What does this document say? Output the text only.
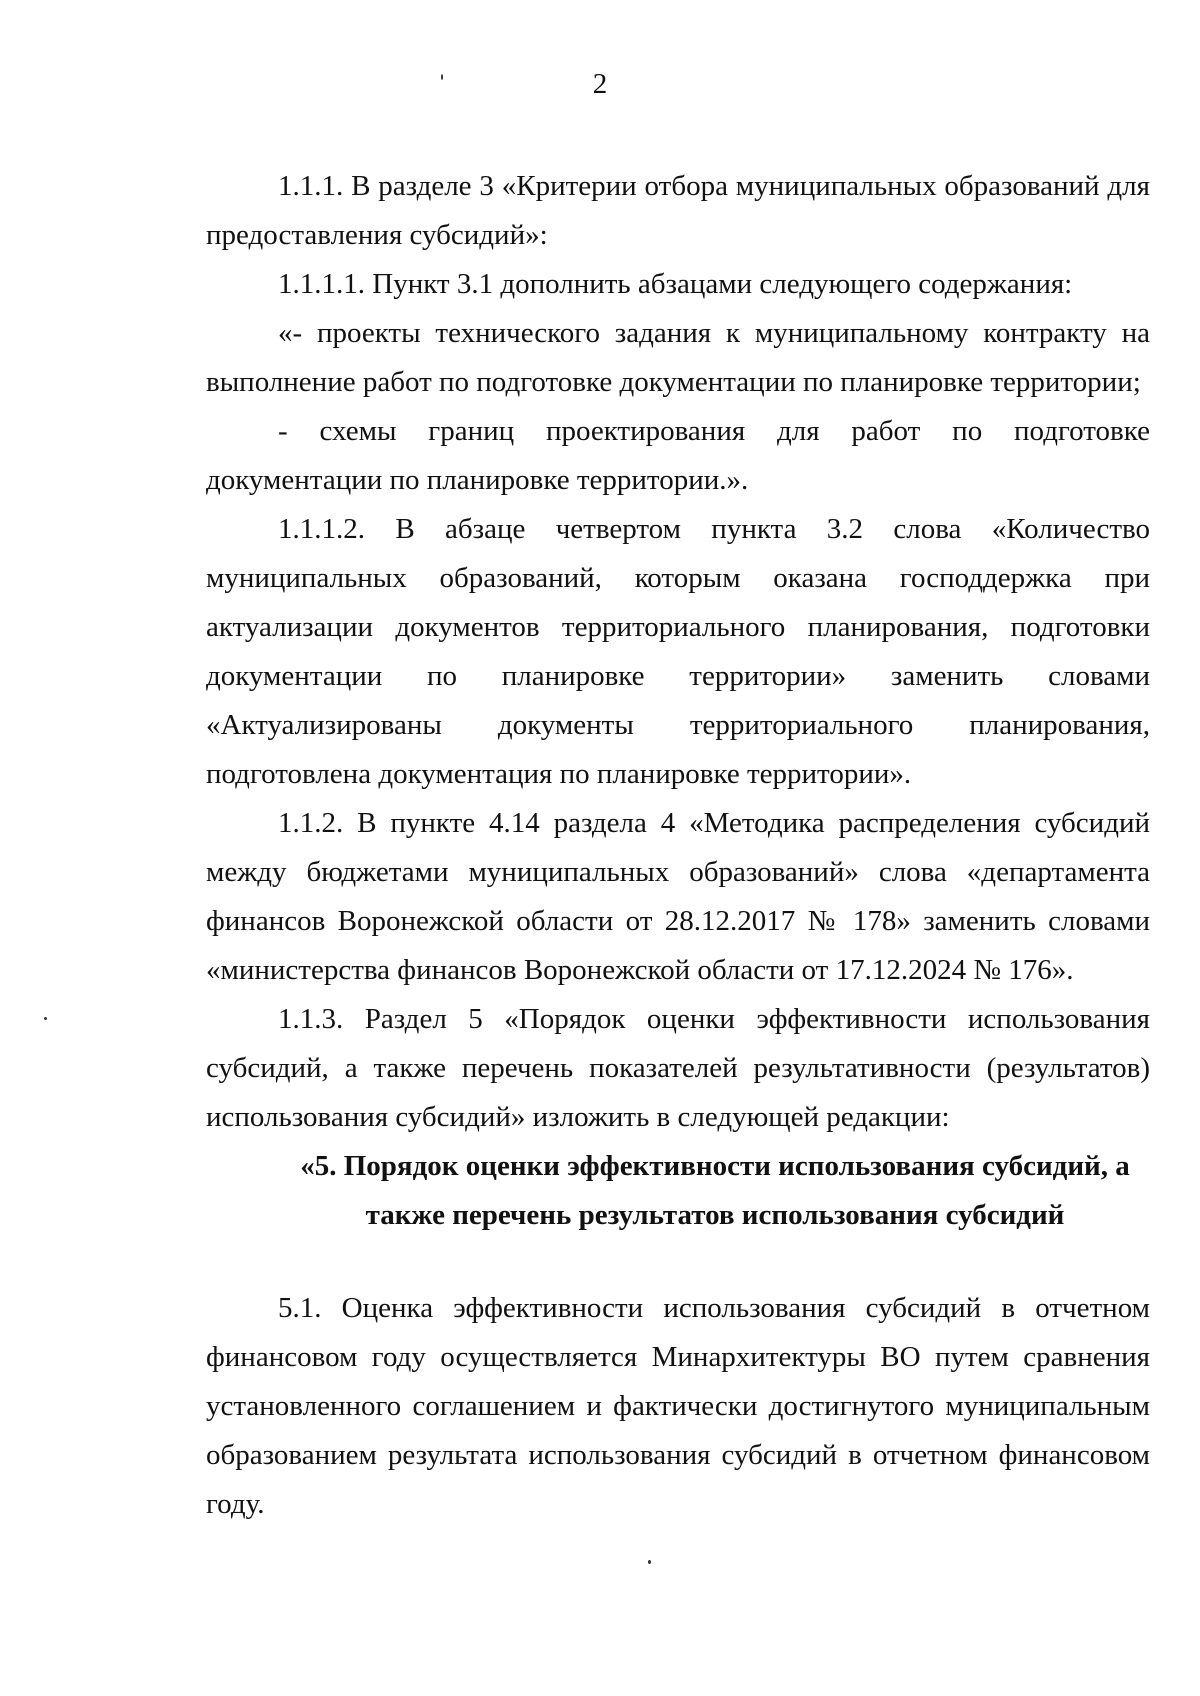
2

1.1.1. В разделе 3 «Критерии отбора муниципальных образований для предоставления субсидий»:

1.1.1.1. Пункт 3.1 дополнить абзацами следующего содержания:

«- проекты технического задания к муниципальному контракту на выполнение работ по подготовке документации по планировке территории;

- схемы границ проектирования для работ по подготовке документации по планировке территории.».

1.1.1.2. В абзаце четвертом пункта 3.2 слова «Количество муниципальных образований, которым оказана господдержка при актуализации документов территориального планирования, подготовки документации по планировке территории» заменить словами «Актуализированы документы территориального планирования, подготовлена документация по планировке территории».

1.1.2. В пункте 4.14 раздела 4 «Методика распределения субсидий между бюджетами муниципальных образований» слова «департамента финансов Воронежской области от 28.12.2017 № 178» заменить словами «министерства финансов Воронежской области от 17.12.2024 № 176».

1.1.3. Раздел 5 «Порядок оценки эффективности использования субсидий, а также перечень показателей результативности (результатов) использования субсидий» изложить в следующей редакции:

«5. Порядок оценки эффективности использования субсидий, а
также перечень результатов использования субсидий

5.1. Оценка эффективности использования субсидий в отчетном финансовом году осуществляется Минархитектуры ВО путем сравнения установленного соглашением и фактически достигнутого муниципальным образованием результата использования субсидий в отчетном финансовом году.
